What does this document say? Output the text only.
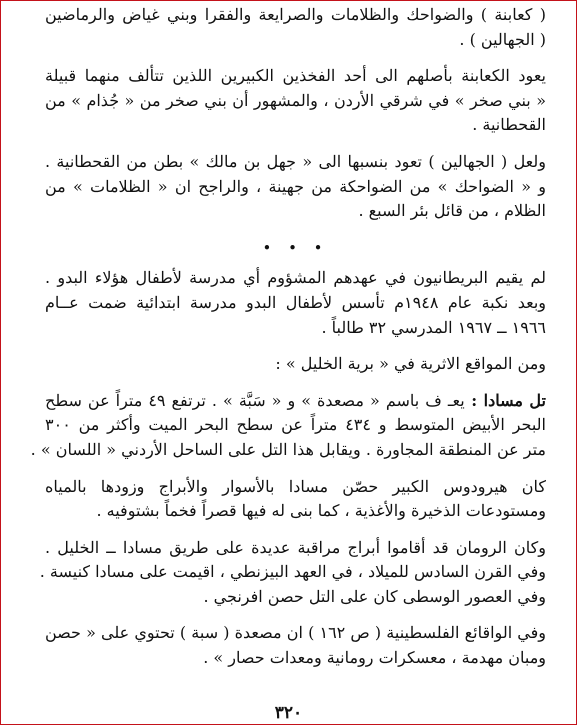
( كعابنة ) والضواحك والظلامات والصرايعة والفقرا وبني غياض والرماضين
( الجهالين ) .
يعود الكعابنة بأصلهم الى أحد الفخذين الكبيرين اللذين تتألف منهما قبيلة
« بني صخر » في شرقي الأردن ، والمشهور أن بني صخر من « جُذام » من
القحطانية .
ولعل ( الجهالين ) تعود بنسبها الى « جهل بن مالك » بطن من القحطانية .
و « الضواحك » من الضواحكة من جهينة ، والراجح ان « الظلامات » من
الظلام ، من قائل بئر السبع .
• • •
لم يقيم البريطانيون في عهدهم المشؤوم أي مدرسة لأطفال هؤلاء البدو .
وبعد نكبة عام ١٩٤٨م تأسس لأطفال البدو مدرسة ابتدائية ضمت عــام
١٩٦٦ ــ ١٩٦٧ المدرسي ٣٢ طالباً .
ومن المواقع الاثرية في « برية الخليل » :
تل مسادا : يعـ ف باسم « مصعدة » و « سَبَّة » . ترتفع ٤٩ متراً عن سطح
البحر الأبيض المتوسط و ٤٣٤ متراً عن سطح البحر الميت وأكثر من ٣٠٠
متر عن المنطقة المجاورة . ويقابل هذا التل على الساحل الأردني « اللسان » .
كان هيرودوس الكبير حصّن مسادا بالأسوار والأبراج وزودها بالمياه
ومستودعات الذخيرة والأغذية ، كما بنى له فيها قصراً فخماً بشتوفيه .
وكان الرومان قد أقاموا أبراج مراقبة عديدة على طريق مسادا ــ الخليل .
وفي القرن السادس للميلاد ، في العهد البيزنطي ، اقيمت على مسادا كنيسة .
وفي العصور الوسطى كان على التل حصن افرنجي .
وفي الواقائع الفلسطينية ( ص ١٦٢ ) ان مصعدة ( سبة ) تحتوي على « حصن
ومبان مهدمة ، معسكرات رومانية ومعدات حصار » .
٣٢٠
